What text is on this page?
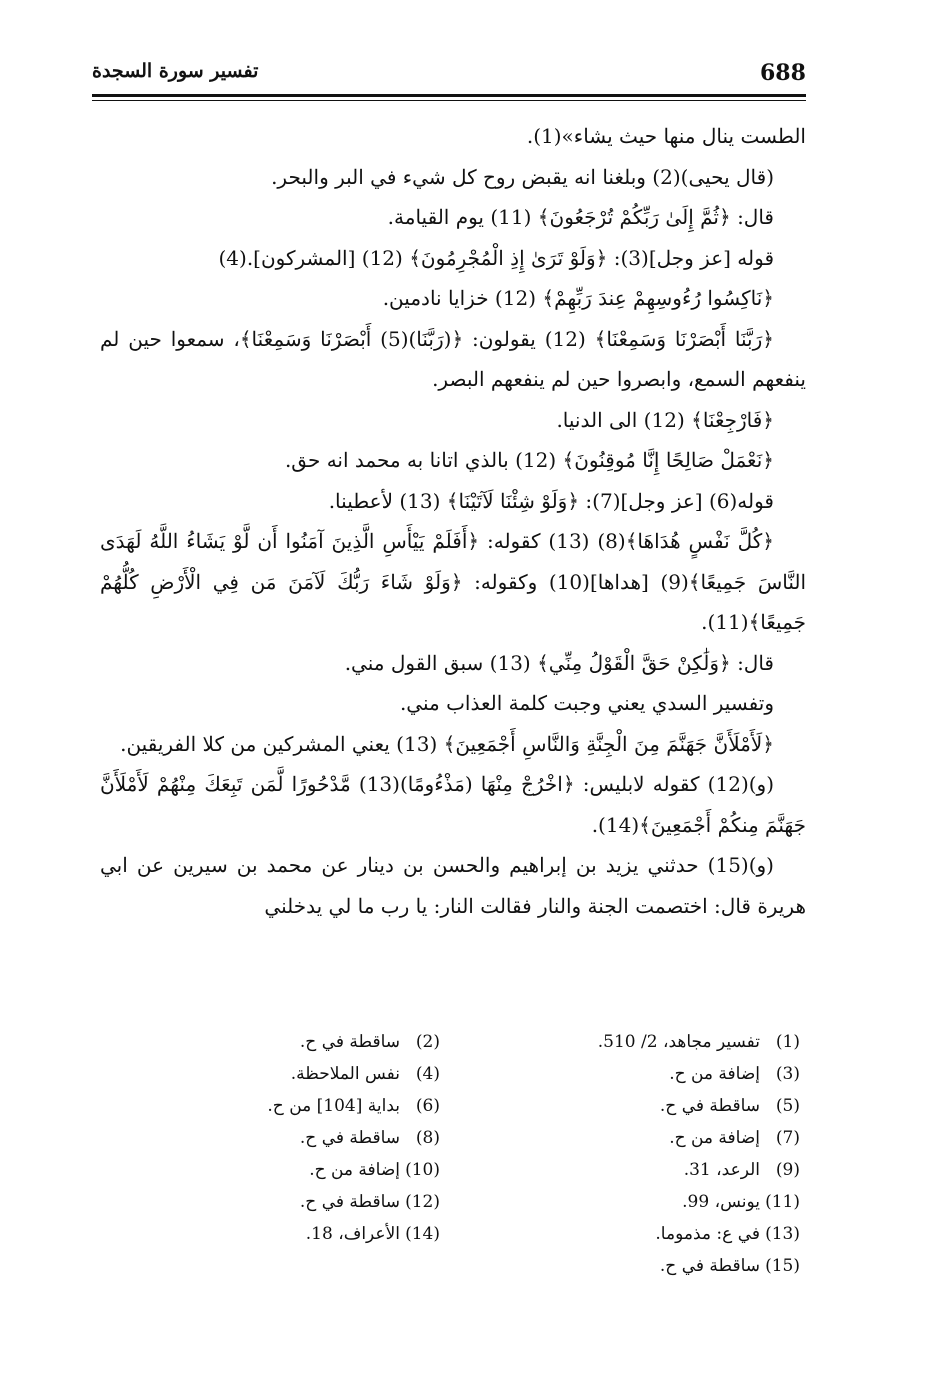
688
تفسير سورة السجدة

الطست ينال منها حيث يشاء»(1).

(قال يحيى)(2) وبلغنا انه يقبض روح كل شيء في البر والبحر.

قال: ﴿ثُمَّ إِلَىٰ رَبِّكُمْ تُرْجَعُونَ﴾ (11) يوم القيامة.

قوله [عز وجل](3): ﴿وَلَوْ تَرَىٰ إِذِ الْمُجْرِمُونَ﴾ (12) [المشركون].(4)

﴿نَاكِسُوا رُءُوسِهِمْ عِندَ رَبِّهِمْ﴾ (12) خزايا نادمين.

﴿رَبَّنَا أَبْصَرْنَا وَسَمِعْنَا﴾ (12) يقولون: ﴿(رَبَّنَا)(5) أَبْصَرْنَا وَسَمِعْنَا﴾، سمعوا حين لم ينفعهم السمع، وابصروا حين لم ينفعهم البصر.

﴿فَارْجِعْنَا﴾ (12) الى الدنيا.

﴿نَعْمَلْ صَالِحًا إِنَّا مُوقِنُونَ﴾ (12) بالذي اتانا به محمد انه حق.

قوله(6) [عز وجل](7): ﴿وَلَوْ شِئْنَا لَآتَيْنَا﴾ (13) لأعطينا.

﴿كُلَّ نَفْسٍ هُدَاهَا﴾(8) (13) كقوله: ﴿أَفَلَمْ يَيْأَسِ الَّذِينَ آمَنُوا أَن لَّوْ يَشَاءُ اللَّهُ لَهَدَى النَّاسَ جَمِيعًا﴾(9) [هداها](10) وكقوله: ﴿وَلَوْ شَاءَ رَبُّكَ لَآمَنَ مَن فِي الْأَرْضِ كُلُّهُمْ جَمِيعًا﴾(11).

قال: ﴿وَلَٰكِنْ حَقَّ الْقَوْلُ مِنِّي﴾ (13) سبق القول مني.

وتفسير السدي يعني وجبت كلمة العذاب مني.

﴿لَأَمْلَأَنَّ جَهَنَّمَ مِنَ الْجِنَّةِ وَالنَّاسِ أَجْمَعِينَ﴾ (13) يعني المشركين من كلا الفريقين.

(و)(12) كقوله لابليس: ﴿اخْرُجْ مِنْهَا (مَذْءُومًا)(13) مَّدْحُورًا لَّمَن تَبِعَكَ مِنْهُمْ لَأَمْلَأَنَّ جَهَنَّمَ مِنكُمْ أَجْمَعِينَ﴾(14).

(و)(15) حدثني يزيد بن إبراهيم والحسن بن دينار عن محمد بن سيرين عن ابي هريرة قال: اختصمت الجنة والنار فقالت النار: يا رب ما لي يدخلني

(1)تفسير مجاهد، 2/ 510.
(3)إضافة من ح.
(5)ساقطة في ح.
(7)إضافة من ح.
(9)الرعد، 31.
(11)يونس، 99.
(13)في ع: مذموما.
(15)ساقطة في ح.
(2)ساقطة في ح.
(4)نفس الملاحظة.
(6)بداية [104] من ح.
(8)ساقطة في ح.
(10)إضافة من ح.
(12)ساقطة في ح.
(14)الأعراف، 18.
